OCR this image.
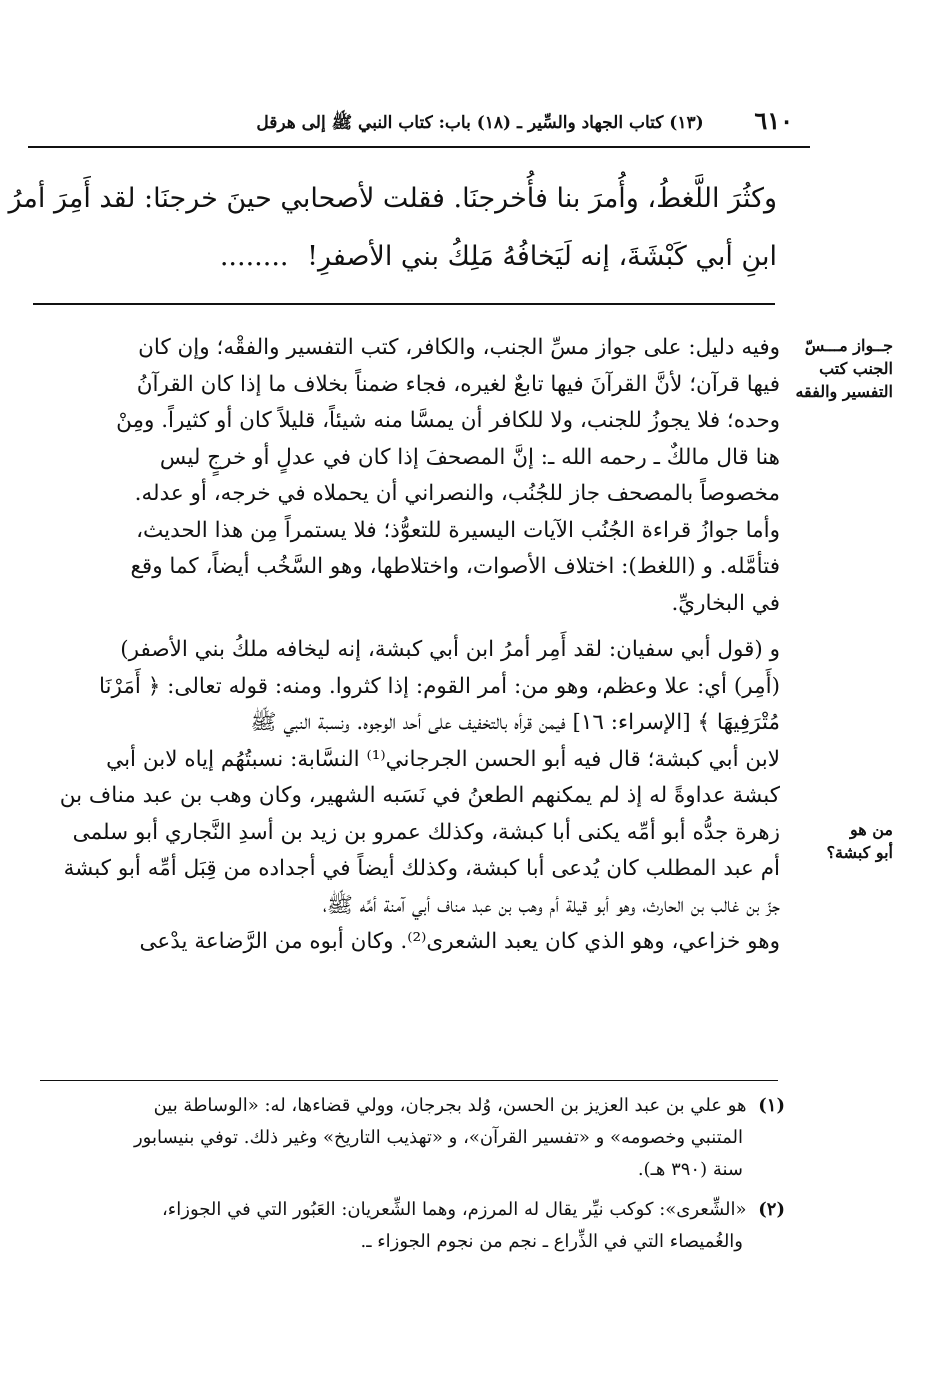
٦١٠
(١٣) كتاب الجهاد والسِّير ـ (١٨) باب: كتاب النبي ﷺ إلى هرقل
وكثُرَ اللَّغطُ، وأُمرَ بنا فأُخرجنَا. فقلت لأصحابي حينَ خرجنَا: لقد أَمِرَ أمرُ
ابنِ أبي كَبْشَةَ، إنه لَيَخافُهُ مَلِكُ بني الأصفرِ! ........
جــواز مـــسّ
الجنب كتب
التفسير والفقه
من هو
أبو كبشة؟
وفيه دليل: على جواز مسِّ الجنب، والكافر، كتب التفسير والفقْه؛ وإن كان
فيها قرآن؛ لأنَّ القرآنَ فيها تابعٌ لغيره، فجاء ضمناً بخلاف ما إذا كان القرآنُ
وحده؛ فلا يجوزُ للجنب، ولا للكافر أن يمسَّا منه شيئاً، قليلاً كان أو كثيراً. ومِنْ
هنا قال مالكٌ ـ رحمه الله ـ: إنَّ المصحفَ إذا كان في عدلٍ أو خرجٍ ليس
مخصوصاً بالمصحف جاز للجُنُب، والنصراني أن يحملاه في خرجه، أو عدله.
وأما جوازُ قراءة الجُنُب الآيات اليسيرة للتعوُّذ؛ فلا يستمراً مِن هذا الحديث،
فتأمَّله. و (اللغط): اختلاف الأصوات، واختلاطها، وهو السَّخُب أيضاً، كما وقع
في البخاريِّ.
و (قول أبي سفيان: لقد أَمِر أمرُ ابن أبي كبشة، إنه ليخافه ملكُ بني الأصفر)
(أَمِر) أي: علا وعظم، وهو من: أمر القوم: إذا كثروا. ومنه: قوله تعالى: ﴿ أَمَرْنَا
مُتْرَفِيهَا ﴾ [الإسراء: ١٦] فيمن قرأه بالتخفيف على أحد الوجوه. ونسبة النبي ﷺ
لابن أبي كبشة؛ قال فيه أبو الحسن الجرجاني⁽¹⁾ النسَّابة: نسبتُهُم إياه لابن أبي
كبشة عداوةً له إذ لم يمكنهم الطعنُ في نَسَبه الشهير، وكان وهب بن عبد مناف بن
زهرة جدُّه أبو أمِّه يكنى أبا كبشة، وكذلك عمرو بن زيد بن أسدِ النَّجاري أبو سلمى
أم عبد المطلب كان يُدعى أبا كبشة، وكذلك أيضاً في أجداده من قِبَل أمِّه أبو كبشة
جزّ بن غالب بن الحارث، وهو أبو قيلة أم وهب بن عبد مناف أبي آمنة أمِّه ﷺ،
وهو خزاعي، وهو الذي كان يعبد الشعرى⁽²⁾. وكان أبوه من الرَّضاعة يدْعى
(١) هو علي بن عبد العزيز بن الحسن، وُلد بجرجان، وولي قضاءها، له: «الوساطة بين
المتنبي وخصومه» و «تفسير القرآن»، و «تهذيب التاريخ» وغير ذلك. توفي بنيسابور
سنة (٣٩٠ هـ).
(٢) «الشِّعرى»: كوكب نيِّر يقال له المرزم، وهما الشِّعريان: العَبُور التي في الجوزاء،
والغُميصاء التي في الذِّراع ـ نجم من نجوم الجوزاء ـ.
